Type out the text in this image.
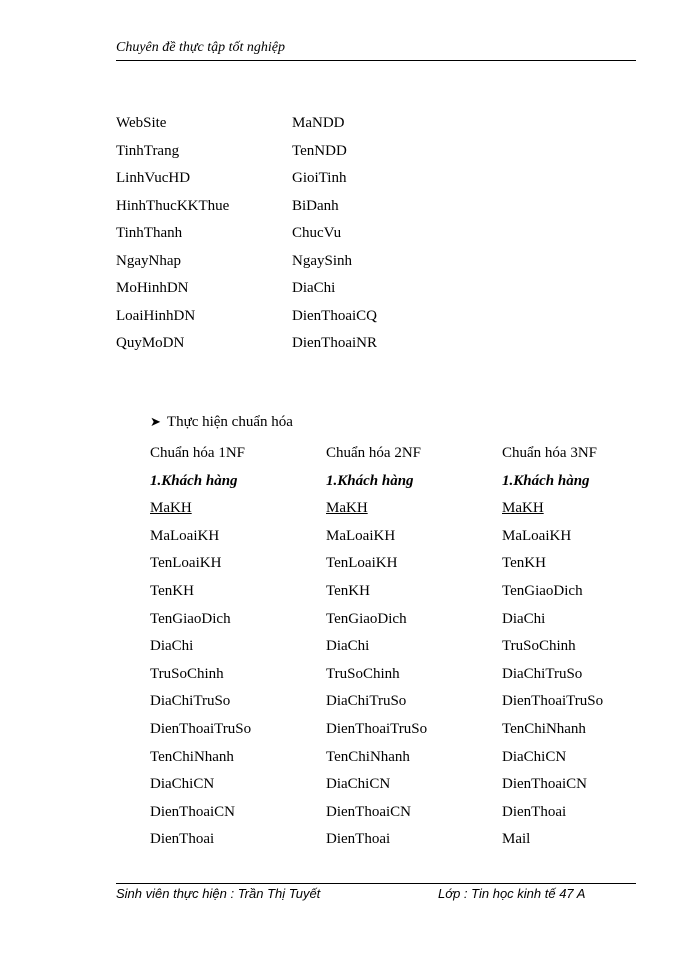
Chuyên đề thực tập tốt nghiệp
WebSite
TinhTrang
LinhVucHD
HinhThucKKThue
TinhThanh
NgayNhap
MoHinhDN
LoaiHinhDN
QuyMoDN
MaNDD
TenNDD
GioiTinh
BiDanh
ChucVu
NgaySinh
DiaChi
DienThoaiCQ
DienThoaiNR
➤ Thực hiện chuẩn hóa
Chuẩn hóa 1NF
1.Khách hàng
MaKH
MaLoaiKH
TenLoaiKH
TenKH
TenGiaoDich
DiaChi
TruSoChinh
DiaChiTruSo
DienThoaiTruSo
TenChiNhanh
DiaChiCN
DienThoaiCN
DienThoai
Chuẩn hóa 2NF
1.Khách hàng
MaKH
MaLoaiKH
TenLoaiKH
TenKH
TenGiaoDich
DiaChi
TruSoChinh
DiaChiTruSo
DienThoaiTruSo
TenChiNhanh
DiaChiCN
DienThoaiCN
DienThoai
Chuẩn hóa 3NF
1.Khách hàng
MaKH
MaLoaiKH
TenKH
TenGiaoDich
DiaChi
TruSoChinh
DiaChiTruSo
DienThoaiTruSo
TenChiNhanh
DiaChiCN
DienThoaiCN
DienThoai
Mail
Sinh viên thực hiện : Trần Thị Tuyết	Lớp : Tin học kinh tế 47 A
